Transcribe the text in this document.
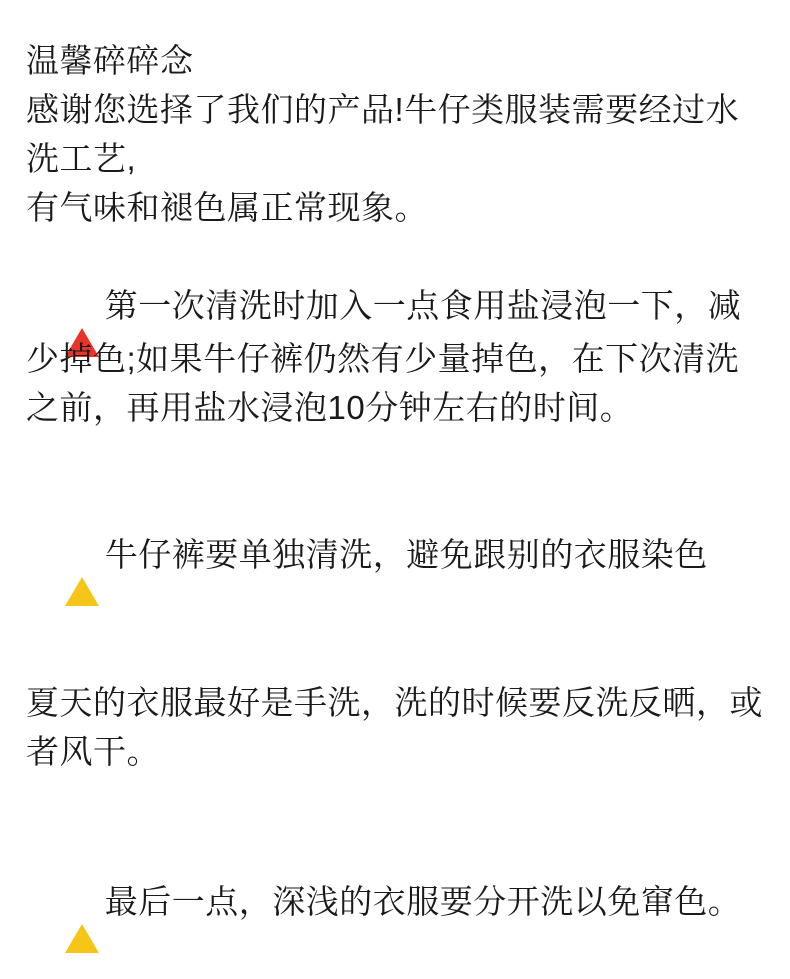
温馨碎碎念

感谢您选择了我们的产品!牛仔类服装需要经过水洗工艺,

有气味和褪色属正常现象。

第一次清洗时加入一点食用盐浸泡一下，减少掉色;如果牛仔裤仍然有少量掉色，在下次清洗之前，再用盐水浸泡10分钟左右的时间。

! 牛仔裤要单独清洗，避免跟别的衣服染色

夏天的衣服最好是手洗，洗的时候要反洗反晒，或者风干。

! 最后一点，深浅的衣服要分开洗以免窜色。
